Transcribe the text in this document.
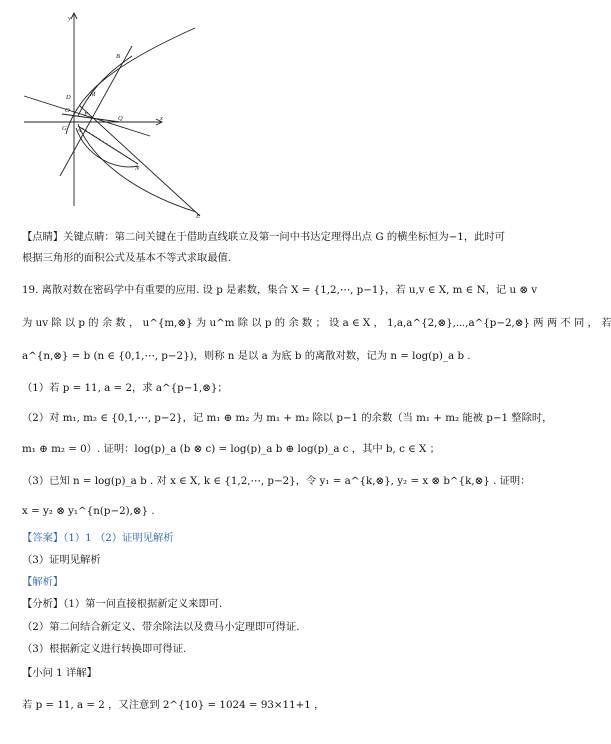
y
x
O
D
G A
M
B
F
Q
N
E
【点睛】关键点睛：第二问关键在于借助直线联立及第一问中书达定理得出点 G 的横坐标恒为−1，此时可
根据三角形的面积公式及基本不等式求取最值.
19. 离散对数在密码学中有重要的应用. 设 p 是素数，集合 X = {1,2,⋯, p−1}，若 u,v ∈ X, m ∈ N，记 u ⊗ v
为 uv 除 以 p 的 余 数 ， u^{m,⊗} 为 u^m 除 以 p 的 余 数 ； 设 a ∈ X ， 1,a,a^{2,⊗},⋯,a^{p−2,⊗} 两 两 不 同 ， 若
a^{n,⊗} = b (n ∈ {0,1,⋯, p−2})，则称 n 是以 a 为底 b 的离散对数，记为 n = log(p)_a b .
（1）若 p = 11, a = 2，求 a^{p−1,⊗}；
（2）对 m₁, m₂ ∈ {0,1,⋯, p−2}，记 m₁ ⊕ m₂ 为 m₁ + m₂ 除以 p−1 的余数（当 m₁ + m₂ 能被 p−1 整除时，
m₁ ⊕ m₂ = 0）. 证明：log(p)_a (b ⊗ c) = log(p)_a b ⊕ log(p)_a c ，其中 b, c ∈ X ；
（3）已知 n = log(p)_a b . 对 x ∈ X, k ∈ {1,2,⋯, p−2}，令 y₁ = a^{k,⊗}, y₂ = x ⊗ b^{k,⊗} . 证明：
x = y₂ ⊗ y₁^{n(p−2),⊗} .
【答案】（1）1 （2）证明见解析
（3）证明见解析
【解析】
【分析】（1）第一问直接根据新定义来即可.
（2）第二问结合新定义、带余除法以及费马小定理即可得证.
（3）根据新定义进行转换即可得证.
【小问 1 详解】
若 p = 11, a = 2 ，又注意到 2^{10} = 1024 = 93×11+1 ，
